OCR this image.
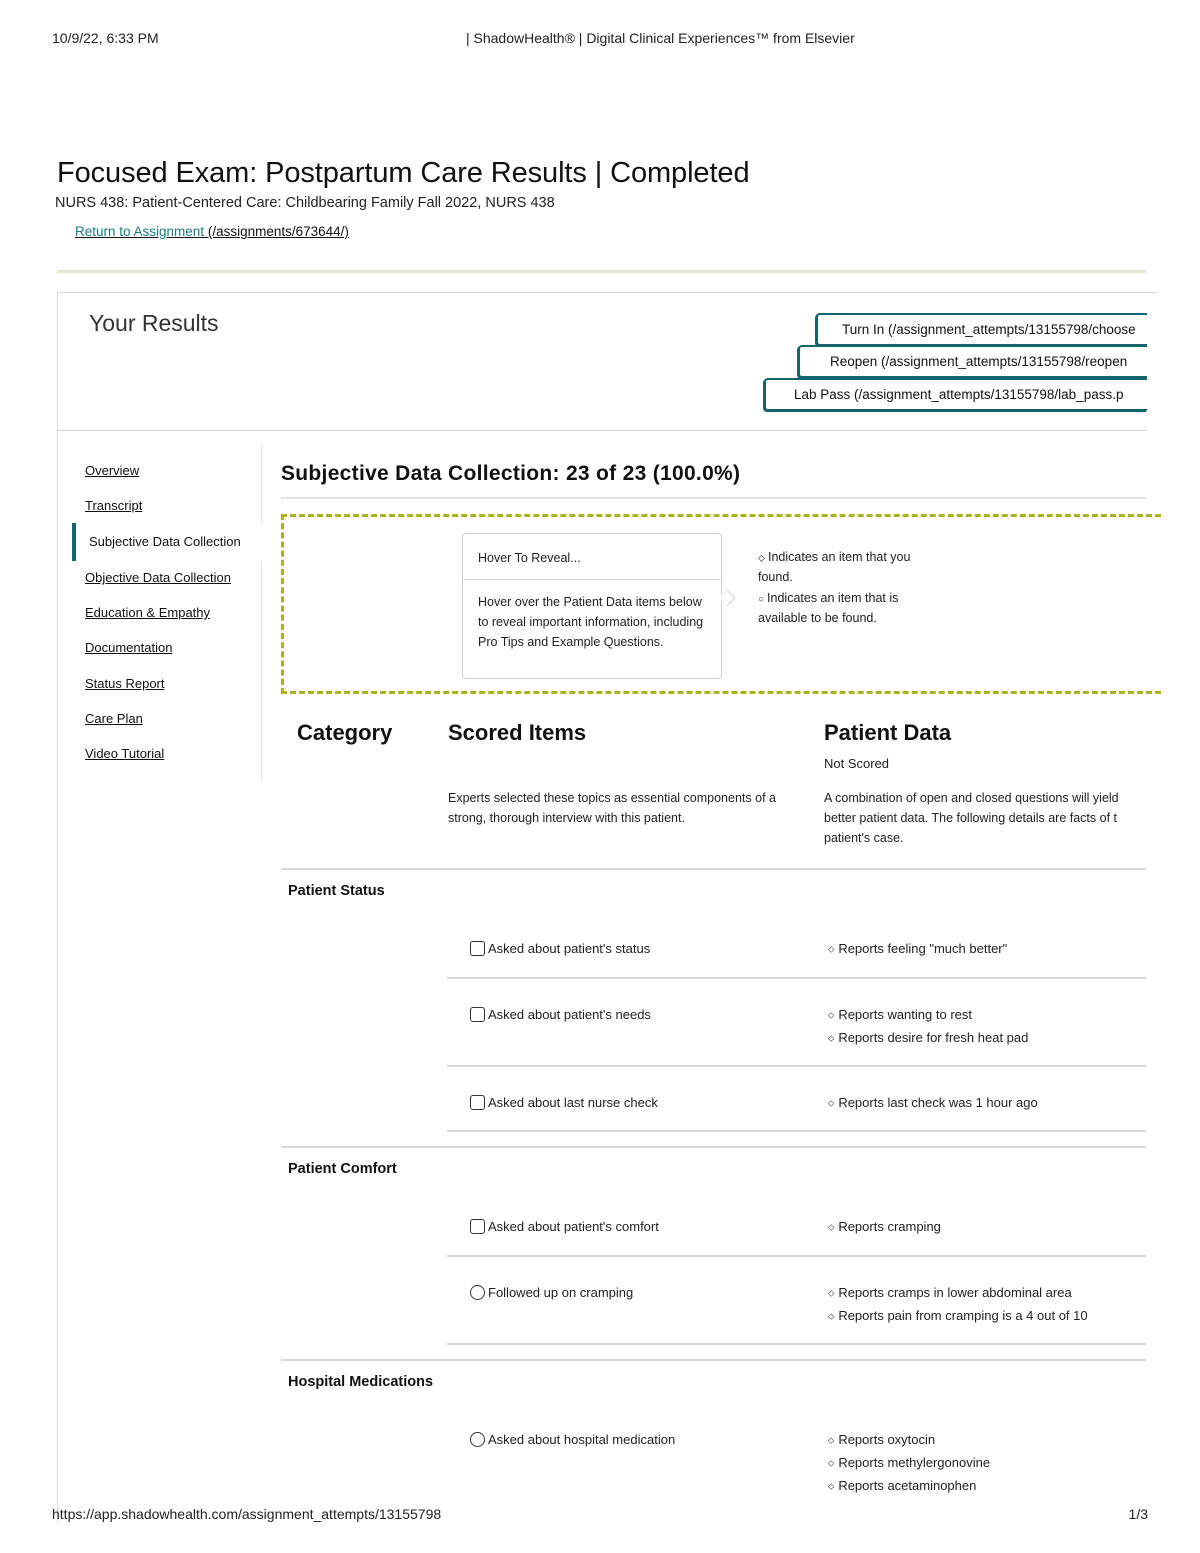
10/9/22, 6:33 PM	| ShadowHealth® | Digital Clinical Experiences™ from Elsevier
Focused Exam: Postpartum Care Results | Completed
NURS 438: Patient-Centered Care: Childbearing Family Fall 2022, NURS 438
Return to Assignment (/assignments/673644/)
Your Results	Turn In (/assignment_attempts/13155798/choose
Reopen (/assignment_attempts/13155798/reopen
Lab Pass (/assignment_attempts/13155798/lab_pass.p
Overview
Transcript
Subjective Data Collection
Objective Data Collection
Education & Empathy
Documentation
Status Report
Care Plan
Video Tutorial
Subjective Data Collection: 23 of 23 (100.0%)
Hover To Reveal...
Hover over the Patient Data items below to reveal important information, including Pro Tips and Example Questions.
⬦ Indicates an item that you found.
○ Indicates an item that is available to be found.
Category	Scored Items	Patient Data
Not Scored
Experts selected these topics as essential components of a strong, thorough interview with this patient.
A combination of open and closed questions will yield
better patient data. The following details are facts of t
patient's case.
Patient Status
Asked about patient's status	⬦ Reports feeling "much better"
Asked about patient's needs	⬦ Reports wanting to rest
⬦ Reports desire for fresh heat pad
Asked about last nurse check	⬦ Reports last check was 1 hour ago
Patient Comfort
Asked about patient's comfort	⬦ Reports cramping
Followed up on cramping	⬦ Reports cramps in lower abdominal area
⬦ Reports pain from cramping is a 4 out of 10
Hospital Medications
Asked about hospital medication	⬦ Reports oxytocin
⬦ Reports methylergonovine
⬦ Reports acetaminophen
https://app.shadowhealth.com/assignment_attempts/13155798	1/3
